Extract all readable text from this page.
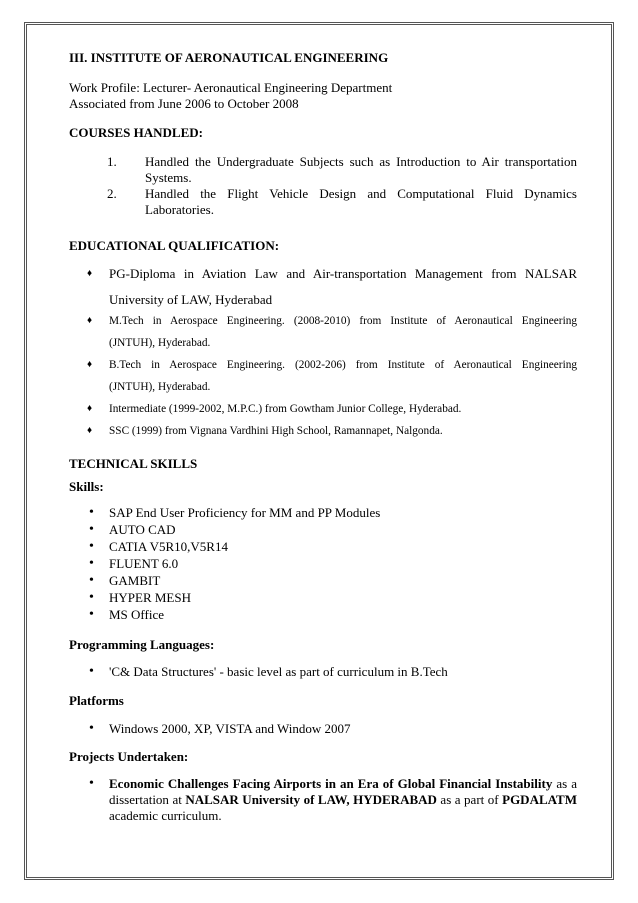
III. INSTITUTE OF AERONAUTICAL ENGINEERING
Work Profile: Lecturer- Aeronautical Engineering Department
Associated from June 2006 to October 2008
COURSES HANDLED:
1.	Handled the Undergraduate Subjects such as Introduction to Air transportation
Systems.
2.	Handled the Flight Vehicle Design and Computational Fluid Dynamics
Laboratories.
EDUCATIONAL QUALIFICATION:
♦	PG-Diploma in Aviation Law and Air-transportation Management from NALSAR
University of LAW, Hyderabad
♦	M.Tech in Aerospace Engineering. (2008-2010) from Institute of Aeronautical Engineering
(JNTUH), Hyderabad.
♦	B.Tech in Aerospace Engineering. (2002-206) from Institute of Aeronautical Engineering
(JNTUH), Hyderabad.
♦	Intermediate (1999-2002, M.P.C.) from Gowtham Junior College, Hyderabad.
♦	SSC (1999) from Vignana Vardhini High School, Ramannapet, Nalgonda.
TECHNICAL SKILLS
Skills:
•	SAP End User Proficiency for MM and PP Modules
•	AUTO CAD
•	CATIA V5R10,V5R14
•	FLUENT 6.0
•	GAMBIT
•	HYPER MESH
•	MS Office
Programming Languages:
•	'C& Data Structures' - basic level as part of curriculum in B.Tech
Platforms
•	Windows 2000, XP, VISTA and Window 2007
Projects Undertaken:
•	Economic Challenges Facing Airports in an Era of Global Financial Instability as a
dissertation at NALSAR University of LAW, HYDERABAD as a part of PGDALATM
academic curriculum.
